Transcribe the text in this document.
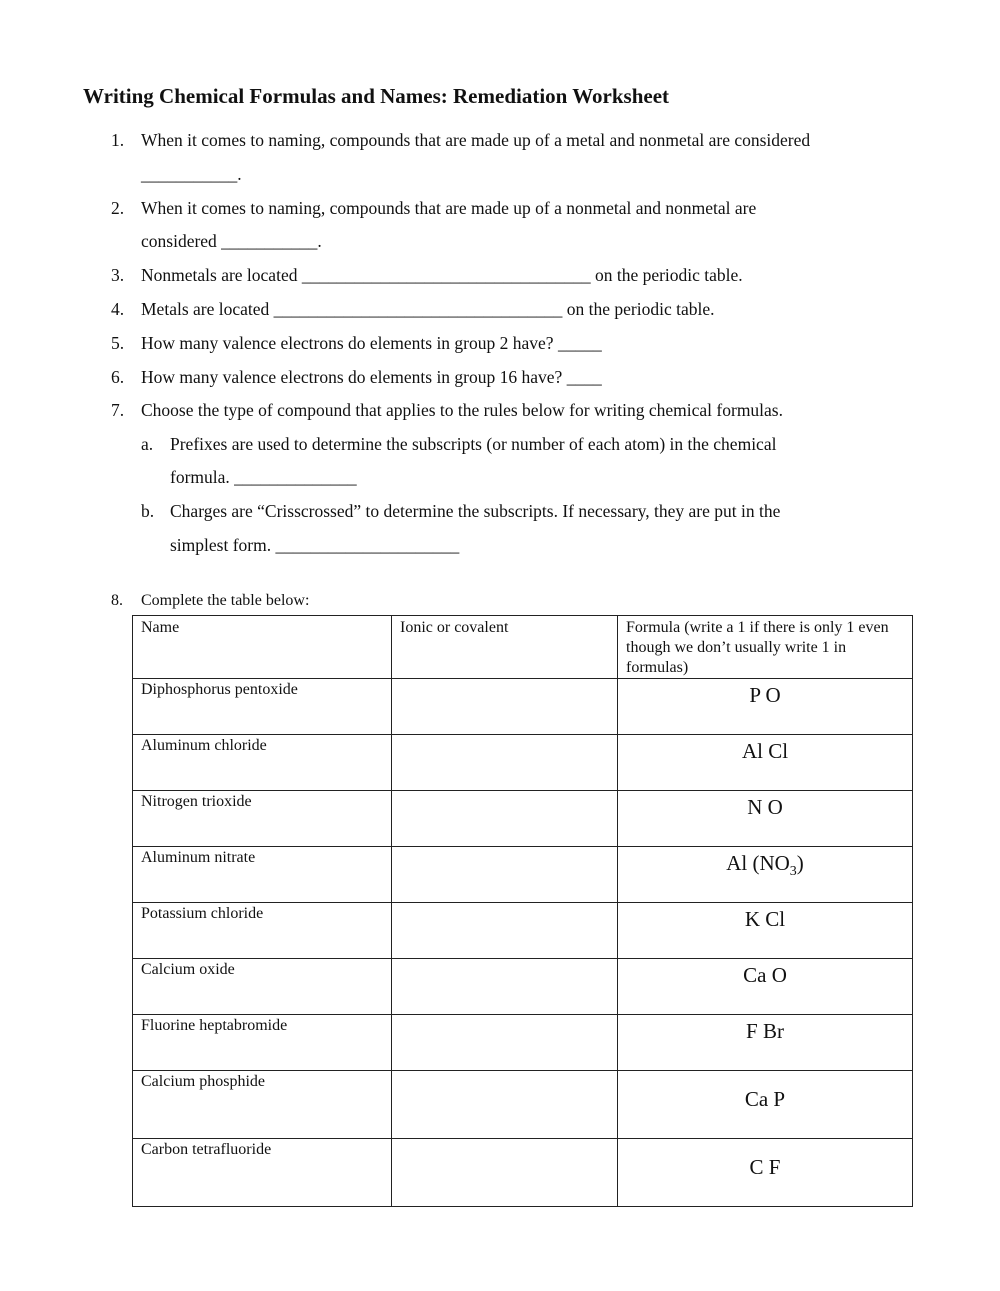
Writing Chemical Formulas and Names: Remediation Worksheet
1. When it comes to naming, compounds that are made up of a metal and nonmetal are considered
___________.
2. When it comes to naming, compounds that are made up of a nonmetal and nonmetal are
considered ___________.
3. Nonmetals are located _________________________________ on the periodic table.
4. Metals are located _________________________________ on the periodic table.
5. How many valence electrons do elements in group 2 have? _____
6. How many valence electrons do elements in group 16 have? ____
7. Choose the type of compound that applies to the rules below for writing chemical formulas.
a. Prefixes are used to determine the subscripts (or number of each atom) in the chemical
formula. ______________
b. Charges are “Crisscrossed” to determine the subscripts. If necessary, they are put in the
simplest form. _____________________
8. Complete the table below:
Name	Ionic or covalent	Formula (write a 1 if there is only 1 even though we don’t usually write 1 in formulas)
Diphosphorus pentoxide		P O
Aluminum chloride		Al Cl
Nitrogen trioxide		N O
Aluminum nitrate		Al $(NO_3)$
Potassium chloride		K Cl
Calcium oxide		Ca O
Fluorine heptabromide		F Br
Calcium phosphide		Ca P
Carbon tetrafluoride		C F
